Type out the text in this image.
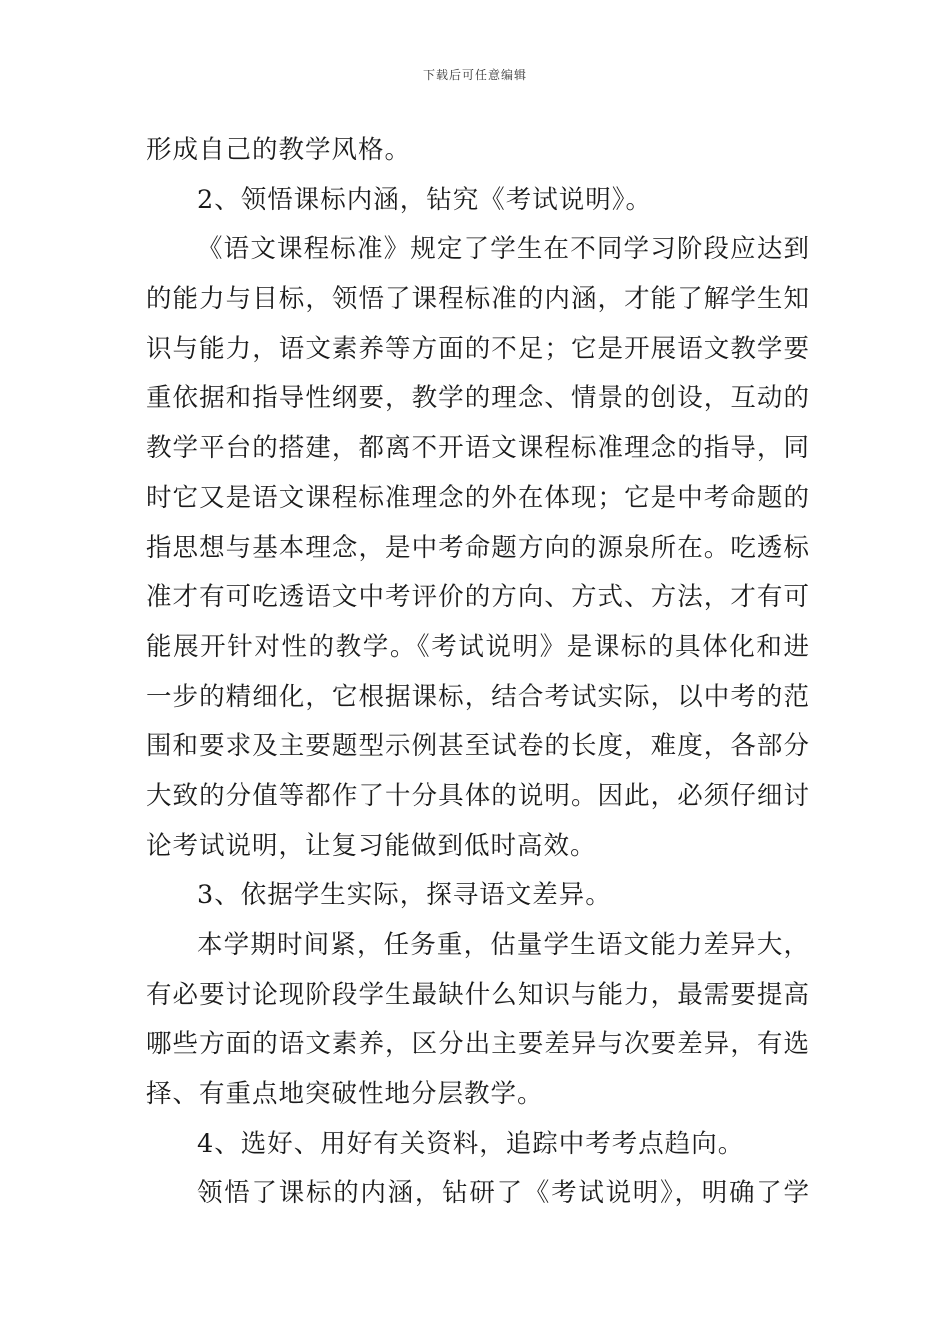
下载后可任意编辑
形成自己的教学风格。
2、领悟课标内涵，钻究《考试说明》。
《语文课程标准》规定了学生在不同学习阶段应达到
的能力与目标，领悟了课程标准的内涵，才能了解学生知
识与能力，语文素养等方面的不足；它是开展语文教学要
重依据和指导性纲要，教学的理念、情景的创设，互动的
教学平台的搭建，都离不开语文课程标准理念的指导，同
时它又是语文课程标准理念的外在体现；它是中考命题的
指思想与基本理念，是中考命题方向的源泉所在。吃透标
准才有可吃透语文中考评价的方向、方式、方法，才有可
能展开针对性的教学。《考试说明》是课标的具体化和进
一步的精细化，它根据课标，结合考试实际，以中考的范
围和要求及主要题型示例甚至试卷的长度，难度，各部分
大致的分值等都作了十分具体的说明。因此，必须仔细讨
论考试说明，让复习能做到低时高效。
3、依据学生实际，探寻语文差异。
本学期时间紧，任务重，估量学生语文能力差异大，
有必要讨论现阶段学生最缺什么知识与能力，最需要提高
哪些方面的语文素养，区分出主要差异与次要差异，有选
择、有重点地突破性地分层教学。
4、选好、用好有关资料，追踪中考考点趋向。
领悟了课标的内涵，钻研了《考试说明》，明确了学
